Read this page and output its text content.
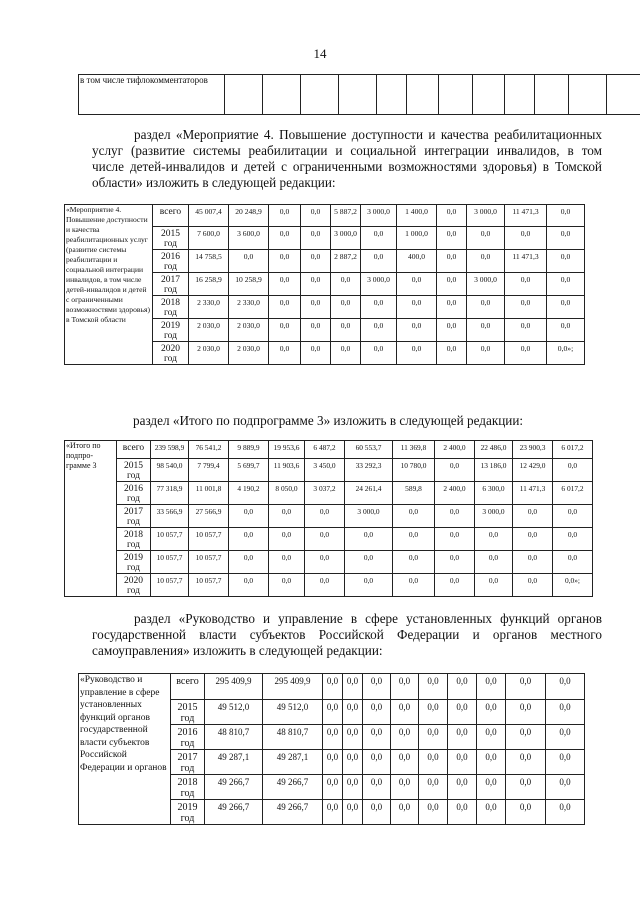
14
в том числе тифлокомментаторов												
раздел «Мероприятие 4. Повышение доступности и качества реабилитационных
услуг (развитие системы реабилитации и социальной интеграции инвалидов, в том
числе детей-инвалидов и детей с ограниченными возможностями здоровья) в Томской
области» изложить в следующей редакции:
«Мероприятие 4. Повышение доступности и качества реабилитационных услуг (развитие системы реабилитации и социальной интеграции инвалидов, в том числе детей-инвалидов и детей с ограниченными возможностями здоровья) в Томской области	всего	45 007,4	20 248,9	0,0	0,0	5 887,2	3 000,0	1 400,0	0,0	3 000,0	11 471,3	0,0
	2015 год	7 600,0	3 600,0	0,0	0,0	3 000,0	0,0	1 000,0	0,0	0,0	0,0	0,0
	2016 год	14 758,5	0,0	0,0	0,0	2 887,2	0,0	400,0	0,0	0,0	11 471,3	0,0
	2017 год	16 258,9	10 258,9	0,0	0,0	0,0	3 000,0	0,0	0,0	3 000,0	0,0	0,0
	2018 год	2 330,0	2 330,0	0,0	0,0	0,0	0,0	0,0	0,0	0,0	0,0	0,0
	2019 год	2 030,0	2 030,0	0,0	0,0	0,0	0,0	0,0	0,0	0,0	0,0	0,0
	2020 год	2 030,0	2 030,0	0,0	0,0	0,0	0,0	0,0	0,0	0,0	0,0	0,0»;
раздел «Итого по подпрограмме 3» изложить в следующей редакции:
«Итого по подпро-грамме 3	всего	239 598,9	76 541,2	9 889,9	19 953,6	6 487,2	60 553,7	11 369,8	2 400,0	22 486,0	23 900,3	6 017,2
	2015 год	98 540,0	7 799,4	5 699,7	11 903,6	3 450,0	33 292,3	10 780,0	0,0	13 186,0	12 429,0	0,0
	2016 год	77 318,9	11 001,8	4 190,2	8 050,0	3 037,2	24 261,4	589,8	2 400,0	6 300,0	11 471,3	6 017,2
	2017 год	33 566,9	27 566,9	0,0	0,0	0,0	3 000,0	0,0	0,0	3 000,0	0,0	0,0
	2018 год	10 057,7	10 057,7	0,0	0,0	0,0	0,0	0,0	0,0	0,0	0,0	0,0
	2019 год	10 057,7	10 057,7	0,0	0,0	0,0	0,0	0,0	0,0	0,0	0,0	0,0
	2020 год	10 057,7	10 057,7	0,0	0,0	0,0	0,0	0,0	0,0	0,0	0,0	0,0»;
раздел «Руководство и управление в сфере установленных функций органов
государственной власти субъектов Российской Федерации и органов местного
самоуправления» изложить в следующей редакции:
«Руководство и управление в сфере установленных функций органов государственной власти субъектов Российской Федерации и органов	всего	295 409,9	295 409,9	0,0	0,0	0,0	0,0	0,0	0,0	0,0	0,0	0,0
	2015 год	49 512,0	49 512,0	0,0	0,0	0,0	0,0	0,0	0,0	0,0	0,0	0,0
	2016 год	48 810,7	48 810,7	0,0	0,0	0,0	0,0	0,0	0,0	0,0	0,0	0,0
	2017 год	49 287,1	49 287,1	0,0	0,0	0,0	0,0	0,0	0,0	0,0	0,0	0,0
	2018 год	49 266,7	49 266,7	0,0	0,0	0,0	0,0	0,0	0,0	0,0	0,0	0,0
	2019 год	49 266,7	49 266,7	0,0	0,0	0,0	0,0	0,0	0,0	0,0	0,0	0,0
